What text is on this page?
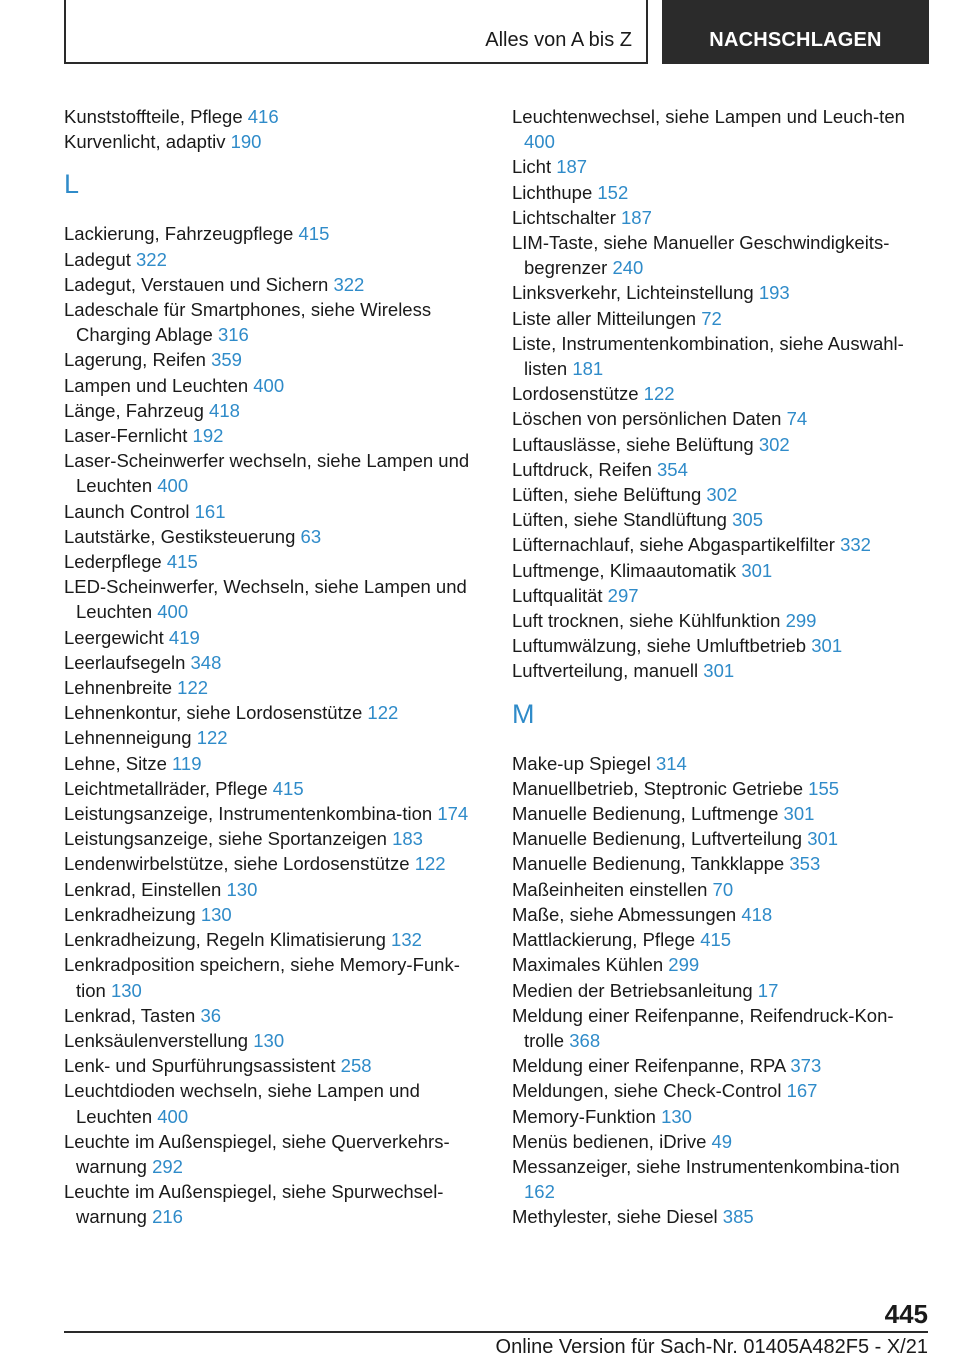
Alles von A bis Z	NACHSCHLAGEN
Kunststoffteile, Pflege 416
Kurvenlicht, adaptiv 190
L
Lackierung, Fahrzeugpflege 415
Ladegut 322
Ladegut, Verstauen und Sichern 322
Ladeschale für Smartphones, siehe Wireless Charging Ablage 316
Lagerung, Reifen 359
Lampen und Leuchten 400
Länge, Fahrzeug 418
Laser-Fernlicht 192
Laser-Scheinwerfer wechseln, siehe Lampen und Leuchten 400
Launch Control 161
Lautstärke, Gestiksteuerung 63
Lederpflege 415
LED-Scheinwerfer, Wechseln, siehe Lampen und Leuchten 400
Leergewicht 419
Leerlaufsegeln 348
Lehnenbreite 122
Lehnenkontur, siehe Lordosenstütze 122
Lehnenneigung 122
Lehne, Sitze 119
Leichtmetallräder, Pflege 415
Leistungsanzeige, Instrumentenkombina-tion 174
Leistungsanzeige, siehe Sportanzeigen 183
Lendenwirbelstütze, siehe Lordosenstütze 122
Lenkrad, Einstellen 130
Lenkradheizung 130
Lenkradheizung, Regeln Klimatisierung 132
Lenkradposition speichern, siehe Memory-Funk-tion 130
Lenkrad, Tasten 36
Lenksäulenverstellung 130
Lenk- und Spurführungsassistent 258
Leuchtdioden wechseln, siehe Lampen und Leuchten 400
Leuchte im Außenspiegel, siehe Querverkehrs-warnung 292
Leuchte im Außenspiegel, siehe Spurwechsel-warnung 216
Leuchtenwechsel, siehe Lampen und Leuch-ten 400
Licht 187
Lichthupe 152
Lichtschalter 187
LIM-Taste, siehe Manueller Geschwindigkeits-begrenzer 240
Linksverkehr, Lichteinstellung 193
Liste aller Mitteilungen 72
Liste, Instrumentenkombination, siehe Auswahl-listen 181
Lordosenstütze 122
Löschen von persönlichen Daten 74
Luftauslässe, siehe Belüftung 302
Luftdruck, Reifen 354
Lüften, siehe Belüftung 302
Lüften, siehe Standlüftung 305
Lüfternachlauf, siehe Abgaspartikelfilter 332
Luftmenge, Klimaautomatik 301
Luftqualität 297
Luft trocknen, siehe Kühlfunktion 299
Luftumwälzung, siehe Umluftbetrieb 301
Luftverteilung, manuell 301
M
Make-up Spiegel 314
Manuellbetrieb, Steptronic Getriebe 155
Manuelle Bedienung, Luftmenge 301
Manuelle Bedienung, Luftverteilung 301
Manuelle Bedienung, Tankklappe 353
Maßeinheiten einstellen 70
Maße, siehe Abmessungen 418
Mattlackierung, Pflege 415
Maximales Kühlen 299
Medien der Betriebsanleitung 17
Meldung einer Reifenpanne, Reifendruck-Kon-trolle 368
Meldung einer Reifenpanne, RPA 373
Meldungen, siehe Check-Control 167
Memory-Funktion 130
Menüs bedienen, iDrive 49
Messanzeiger, siehe Instrumentenkombina-tion 162
Methylester, siehe Diesel 385
445
Online Version für Sach-Nr. 01405A482F5 - X/21
